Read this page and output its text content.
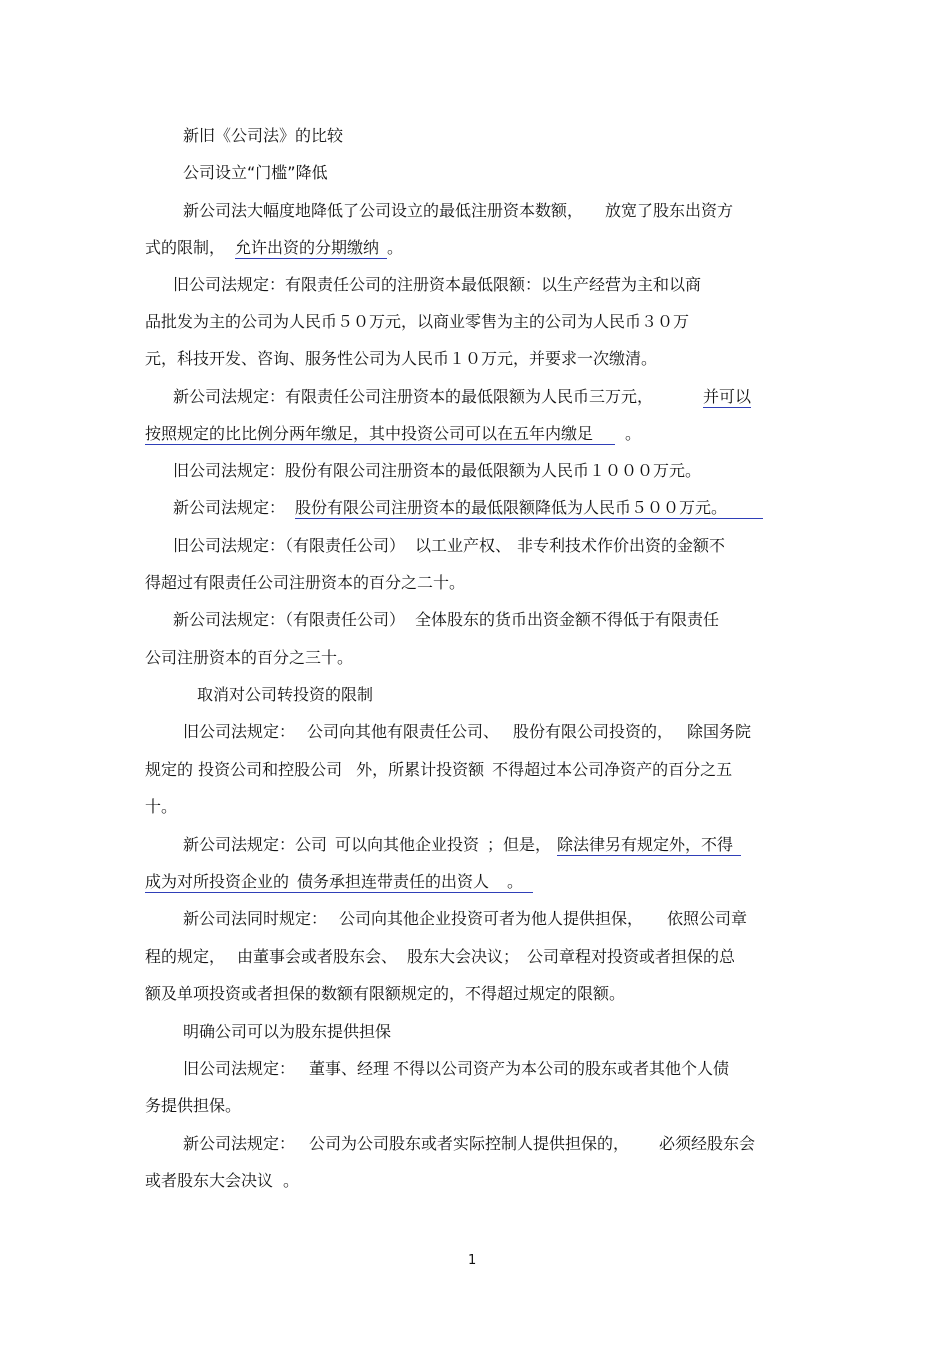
新旧《公司法》的比较
公司设立“门槛”降低
新公司法大幅度地降低了公司设立的最低注册资本数额， 放宽了股东出资方
式的限制， 允许出资的分期缴纳 。
旧公司法规定：有限责任公司的注册资本最低限额：以生产经营为主和以商
品批发为主的公司为人民币５０万元，以商业零售为主的公司为人民币３０万
元，科技开发、咨询、服务性公司为人民币１０万元，并要求一次缴清。
新公司法规定：有限责任公司注册资本的最低限额为人民币三万元，	并可以
按照规定的比比例分两年缴足，其中投资公司可以在五年内缴足 。
旧公司法规定：股份有限公司注册资本的最低限额为人民币１０００万元。
新公司法规定： 股份有限公司注册资本的最低限额降低为人民币５００万元。
旧公司法规定：（有限责任公司） 以工业产权、 非专利技术作价出资的金额不
得超过有限责任公司注册资本的百分之二十。
新公司法规定：（有限责任公司） 全体股东的货币出资金额不得低于有限责任
公司注册资本的百分之三十。
取消对公司转投资的限制
旧公司法规定： 公司向其他有限责任公司、 股份有限公司投资的， 除国务院
规定的 投资公司和控股公司 外，所累计投资额 不得超过本公司净资产的百分之五
十。
新公司法规定：公司 可以向其他企业投资 ；但是， 除法律另有规定外，不得
成为对所投资企业的 债务承担连带责任的出资人 。
新公司法同时规定： 公司向其他企业投资可者为他人提供担保， 依照公司章
程的规定， 由董事会或者股东会、 股东大会决议； 公司章程对投资或者担保的总
额及单项投资或者担保的数额有限额规定的，不得超过规定的限额。
明确公司可以为股东提供担保
旧公司法规定： 董事、经理 不得以公司资产为本公司的股东或者其他个人债
务提供担保。
新公司法规定： 公司为公司股东或者实际控制人提供担保的， 必须经股东会
或者股东大会决议 。
1
